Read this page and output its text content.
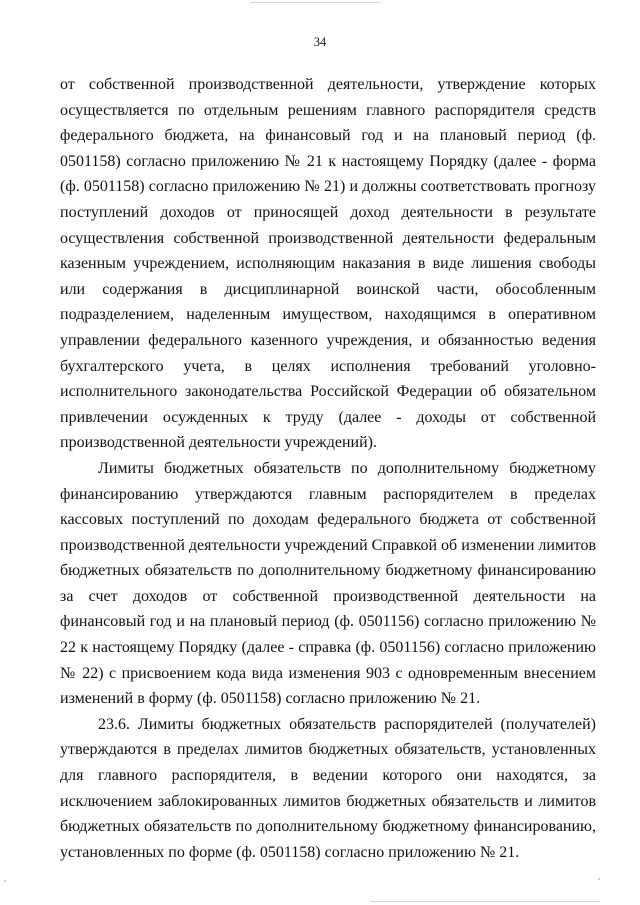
34

от собственной производственной деятельности, утверждение которых осуществляется по отдельным решениям главного распорядителя средств федерального бюджета, на финансовый год и на плановый период (ф. 0501158) согласно приложению № 21 к настоящему Порядку (далее - форма (ф. 0501158) согласно приложению № 21) и должны соответствовать прогнозу поступлений доходов от приносящей доход деятельности в результате осуществления собственной производственной деятельности федеральным казенным учреждением, исполняющим наказания в виде лишения свободы или содержания в дисциплинарной воинской части, обособленным подразделением, наделенным имуществом, находящимся в оперативном управлении федерального казенного учреждения, и обязанностью ведения бухгалтерского учета, в целях исполнения требований уголовно-исполнительного законодательства Российской Федерации об обязательном привлечении осужденных к труду (далее - доходы от собственной производственной деятельности учреждений).

Лимиты бюджетных обязательств по дополнительному бюджетному финансированию утверждаются главным распорядителем в пределах кассовых поступлений по доходам федерального бюджета от собственной производственной деятельности учреждений Справкой об изменении лимитов бюджетных обязательств по дополнительному бюджетному финансированию за счет доходов от собственной производственной деятельности на финансовый год и на плановый период (ф. 0501156) согласно приложению № 22 к настоящему Порядку (далее - справка (ф. 0501156) согласно приложению № 22) с присвоением кода вида изменения 903 с одновременным внесением изменений в форму (ф. 0501158) согласно приложению № 21.

23.6. Лимиты бюджетных обязательств распорядителей (получателей) утверждаются в пределах лимитов бюджетных обязательств, установленных для главного распорядителя, в ведении которого они находятся, за исключением заблокированных лимитов бюджетных обязательств и лимитов бюджетных обязательств по дополнительному бюджетному финансированию, установленных по форме (ф. 0501158) согласно приложению № 21.
